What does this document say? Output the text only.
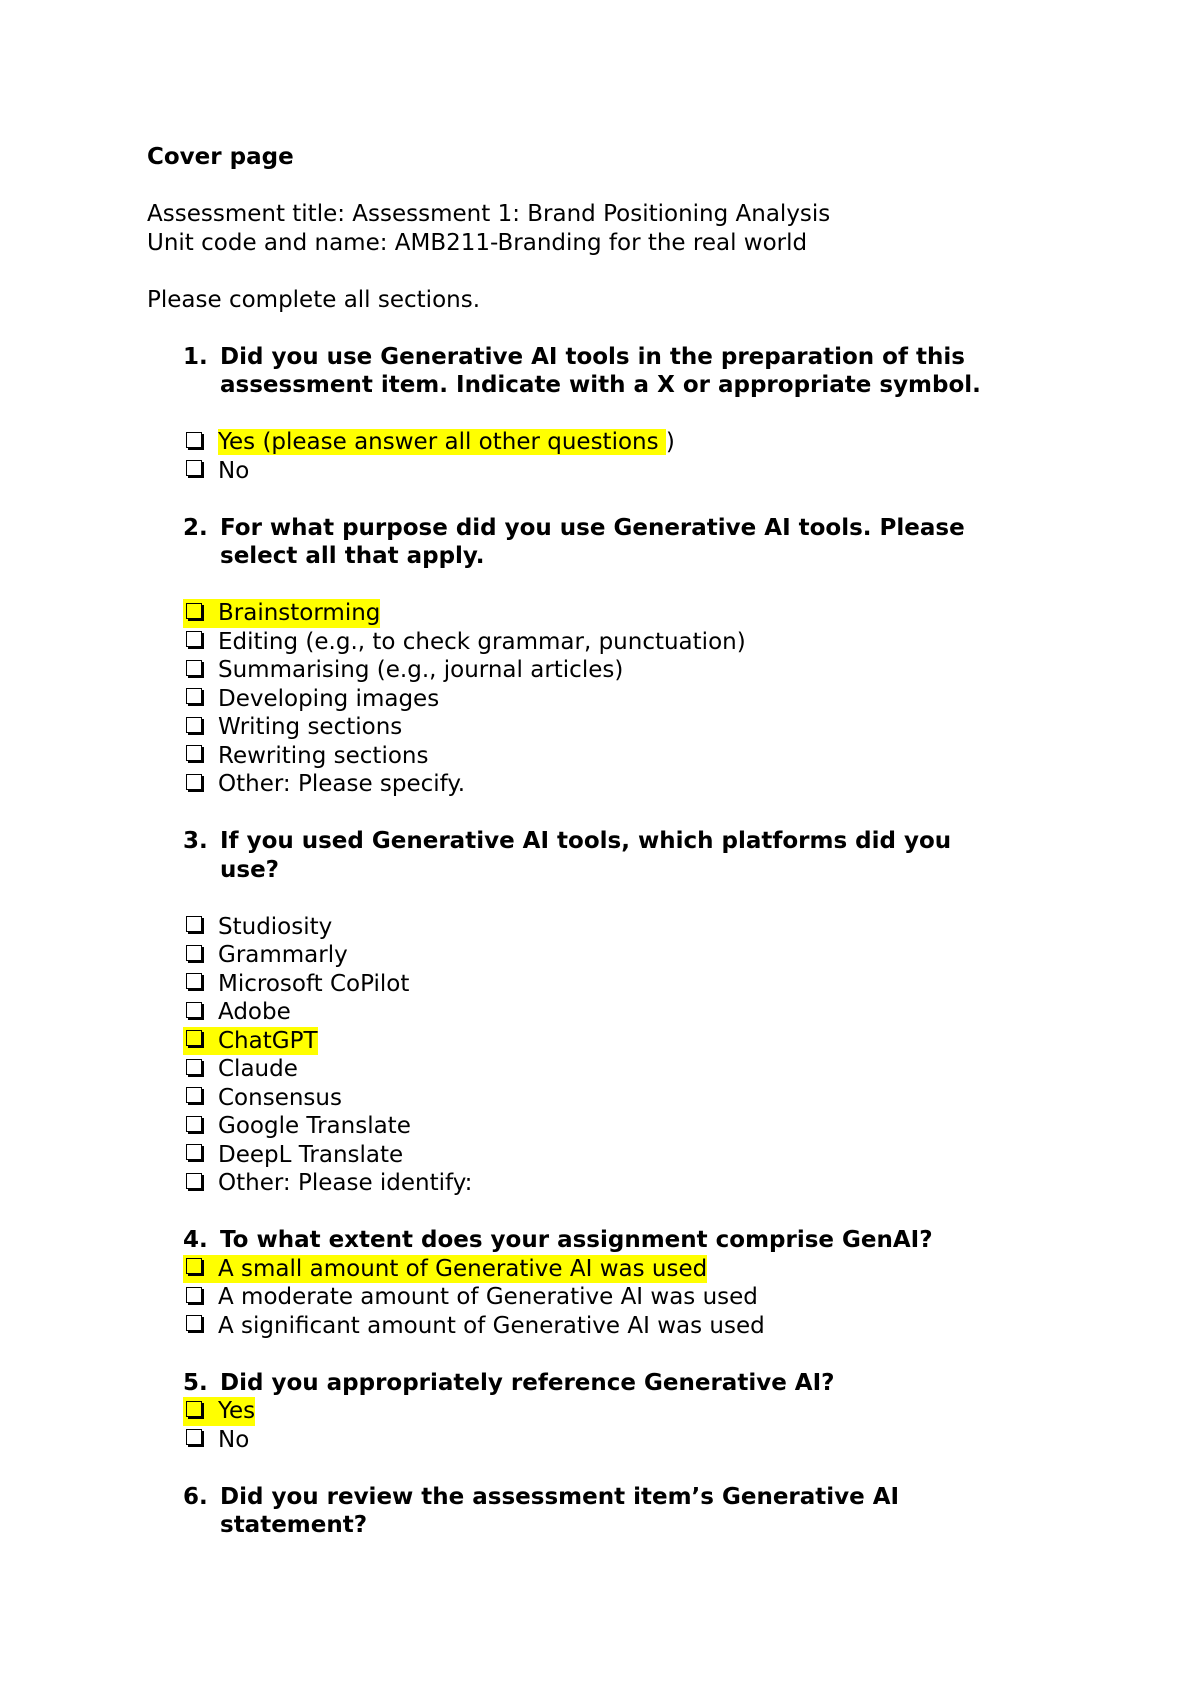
Cover page
Assessment title: Assessment 1: Brand Positioning Analysis
Unit code and name: AMB211-Branding for the real world
Please complete all sections.
1. Did you use Generative AI tools in the preparation of this
assessment item. Indicate with a X or appropriate symbol.
Yes (please answer all other questions )
No
2. For what purpose did you use Generative AI tools. Please
select all that apply.
Brainstorming
Editing (e.g., to check grammar, punctuation)
Summarising (e.g., journal articles)
Developing images
Writing sections
Rewriting sections
Other: Please specify.
3. If you used Generative AI tools, which platforms did you
use?
Studiosity
Grammarly
Microsoft CoPilot
Adobe
ChatGPT
Claude
Consensus
Google Translate
DeepL Translate
Other: Please identify:
4. To what extent does your assignment comprise GenAI?
A small amount of Generative AI was used
A moderate amount of Generative AI was used
A significant amount of Generative AI was used
5. Did you appropriately reference Generative AI?
Yes
No
6. Did you review the assessment item’s Generative AI
statement?
